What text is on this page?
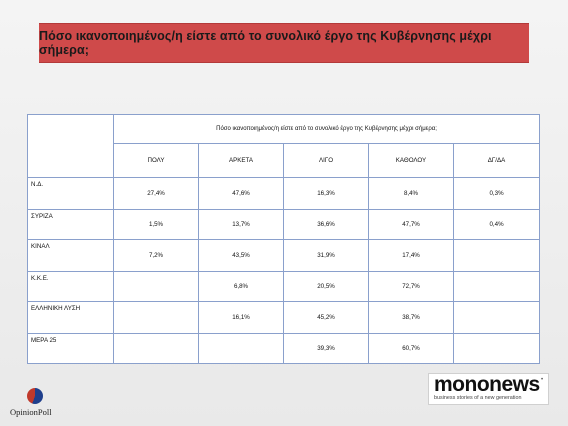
Πόσο ικανοποιημένος/η είστε από το συνολικό έργο της Κυβέρνησης μέχρι σήμερα;
	Πόσο ικανοποιημένος/η είστε από το συνολικό έργο της Κυβέρνησης μέχρι σήμερα;				
	ΠΟΛΥ	ΑΡΚΕΤΑ	ΛΙΓΟ	ΚΑΘΟΛΟΥ	ΔΓ/ΔΑ
Ν.Δ.	27,4%	47,6%	16,3%	8,4%	0,3%
ΣΥΡΙΖΑ	1,5%	13,7%	36,6%	47,7%	0,4%
ΚΙΝΑΛ	7,2%	43,5%	31,9%	17,4%	
Κ.Κ.Ε.		6,8%	20,5%	72,7%	
ΕΛΛΗΝΙΚΗ ΛΥΣΗ		16,1%	45,2%	38,7%	
ΜΕΡΑ 25			39,3%	60,7%	
mononews •
business stories of a new generation
OpinionPoll
